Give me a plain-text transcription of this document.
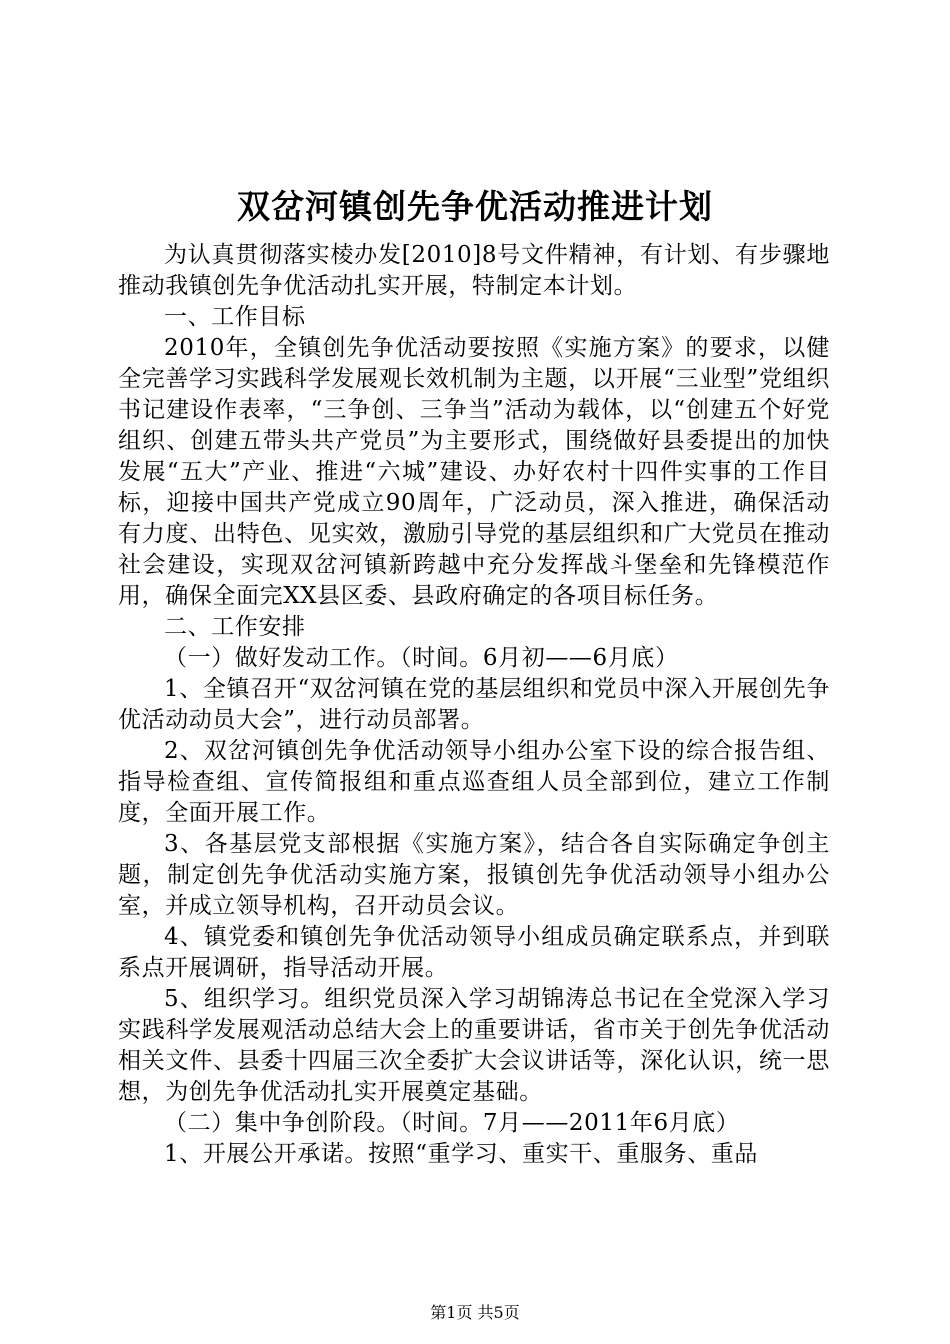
双岔河镇创先争优活动推进计划

为认真贯彻落实棱办发[2010]8号文件精神，有计划、有步骤地推动我镇创先争优活动扎实开展，特制定本计划。

一、工作目标

2010年，全镇创先争优活动要按照《实施方案》的要求，以健全完善学习实践科学发展观长效机制为主题，以开展“三业型”党组织书记建设作表率，“三争创、三争当”活动为载体，以“创建五个好党组织、创建五带头共产党员”为主要形式，围绕做好县委提出的加快发展“五大”产业、推进“六城”建设、办好农村十四件实事的工作目标，迎接中国共产党成立90周年，广泛动员，深入推进，确保活动有力度、出特色、见实效，激励引导党的基层组织和广大党员在推动社会建设，实现双岔河镇新跨越中充分发挥战斗堡垒和先锋模范作用，确保全面完XX县区委、县政府确定的各项目标任务。

二、工作安排

（一）做好发动工作。（时间。6月初——6月底）

1、全镇召开“双岔河镇在党的基层组织和党员中深入开展创先争优活动动员大会”，进行动员部署。

2、双岔河镇创先争优活动领导小组办公室下设的综合报告组、指导检查组、宣传简报组和重点巡查组人员全部到位，建立工作制度，全面开展工作。

3、各基层党支部根据《实施方案》，结合各自实际确定争创主题，制定创先争优活动实施方案，报镇创先争优活动领导小组办公室，并成立领导机构，召开动员会议。

4、镇党委和镇创先争优活动领导小组成员确定联系点，并到联系点开展调研，指导活动开展。

5、组织学习。组织党员深入学习胡锦涛总书记在全党深入学习实践科学发展观活动总结大会上的重要讲话，省市关于创先争优活动相关文件、县委十四届三次全委扩大会议讲话等，深化认识，统一思想，为创先争优活动扎实开展奠定基础。

（二）集中争创阶段。（时间。7月——2011年6月底）

1、开展公开承诺。按照“重学习、重实干、重服务、重品

第1页 共5页
